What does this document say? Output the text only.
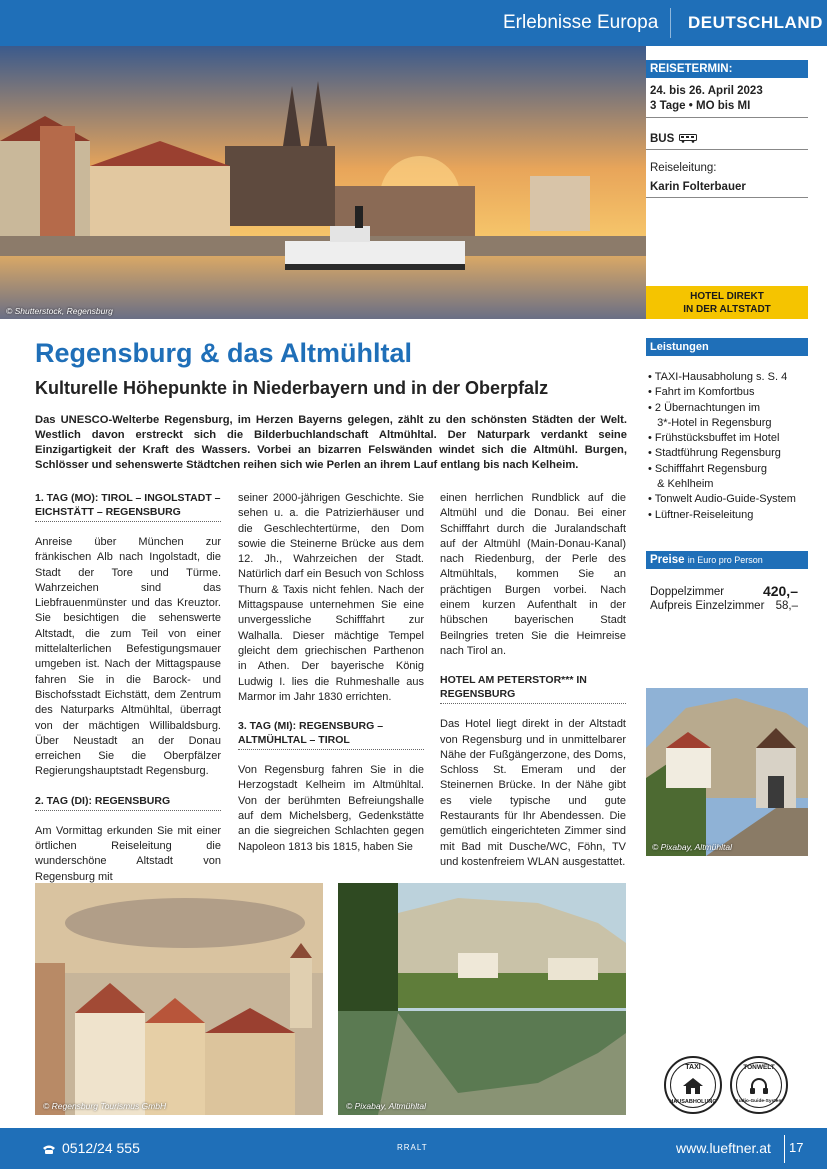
Erlebnisse Europa DEUTSCHLAND
© Shutterstock, Regensburg
REISETERMIN:
24. bis 26. April 2023
3 Tage • MO bis MI
BUS
Reiseleitung:
Karin Folterbauer
HOTEL DIREKT
IN DER ALTSTADT
Leistungen
• TAXI-Hausabholung s. S. 4
• Fahrt im Komfortbus
• 2 Übernachtungen im
3*-Hotel in Regensburg
• Frühstücksbuffet im Hotel
• Stadtführung Regensburg
• Schifffahrt Regensburg
& Kehlheim
• Tonwelt Audio-Guide-System
• Lüftner-Reiseleitung
Preise in Euro pro Person
Doppelzimmer	420,–
Aufpreis Einzelzimmer 58,–
© Pixabay, Altmühltal
Regensburg & das Altmühltal
Kulturelle Höhepunkte in Niederbayern und in der Oberpfalz

Das UNESCO-Welterbe Regensburg, im Herzen Bayerns gelegen, zählt zu den schönsten Städten der Welt. Westlich davon erstreckt sich die Bilderbuchlandschaft Altmühltal. Der Naturpark verdankt seine Einzigartigkeit der Kraft des Wassers. Vorbei an bizarren Felswänden windet sich die Altmühl. Burgen, Schlösser und sehenswerte Städtchen reihen sich wie Perlen an ihrem Lauf entlang bis nach Kelheim.

1. TAG (MO): TIROL – INGOLSTADT – EICHSTÄTT – REGENSBURG

Anreise über München zur fränkischen Alb nach Ingolstadt, die Stadt der Tore und Türme. Wahrzeichen sind das Liebfrauenmünster und das Kreuztor. Sie besichtigen die sehenswerte Altstadt, die zum Teil von einer mittelalterlichen Befestigungsmauer umgeben ist. Nach der Mittagspause fahren Sie in die Barock- und Bischofsstadt Eichstätt, dem Zentrum des Naturparks Altmühltal, überragt von der mächtigen Willibaldsburg. Über Neustadt an der Donau erreichen Sie die Oberpfälzer Regierungshauptstadt Regensburg.

2. TAG (DI): REGENSBURG

Am Vormittag erkunden Sie mit einer örtlichen Reiseleitung die wunderschöne Altstadt von Regensburg mit

seiner 2000-jährigen Geschichte. Sie sehen u. a. die Patrizierhäuser und die Geschlechtertürme, den Dom sowie die Steinerne Brücke aus dem 12. Jh., Wahrzeichen der Stadt. Natürlich darf ein Besuch von Schloss Thurn & Taxis nicht fehlen. Nach der Mittagspause unternehmen Sie eine unvergessliche Schifffahrt zur Walhalla. Dieser mächtige Tempel gleicht dem griechischen Parthenon in Athen. Der bayerische König Ludwig I. lies die Ruhmeshalle aus Marmor im Jahr 1830 errichten.

3. TAG (MI): REGENSBURG – ALTMÜHLTAL – TIROL

Von Regensburg fahren Sie in die Herzogstadt Kelheim im Altmühltal. Von der berühmten Befreiungshalle auf dem Michelsberg, Gedenkstätte an die siegreichen Schlachten gegen Napoleon 1813 bis 1815, haben Sie

einen herrlichen Rundblick auf die Altmühl und die Donau. Bei einer Schifffahrt durch die Juralandschaft auf der Altmühl (Main-Donau-Kanal) nach Riedenburg, der Perle des Altmühltals, kommen Sie an prächtigen Burgen vorbei. Nach einem kurzen Aufenthalt in der hübschen bayerischen Stadt Beilngries treten Sie die Heimreise nach Tirol an.

HOTEL AM PETERSTOR*** IN REGENSBURG

Das Hotel liegt direkt in der Altstadt von Regensburg und in unmittelbarer Nähe der Fußgängerzone, des Doms, Schloss St. Emeram und der Steinernen Brücke. In der Nähe gibt es viele typische und gute Restaurants für Ihr Abendessen. Die gemütlich eingerichteten Zimmer sind mit Bad mit Dusche/WC, Föhn, TV und kostenfreiem WLAN ausgestattet.

© Regensburg Tourismus GmbH	© Pixabay, Altmühltal
TAXI
HAUSABHOLUNG
TONWELT
Audio-Guide-System
0512/24 555	RRALT	www.lueftner.at	17
